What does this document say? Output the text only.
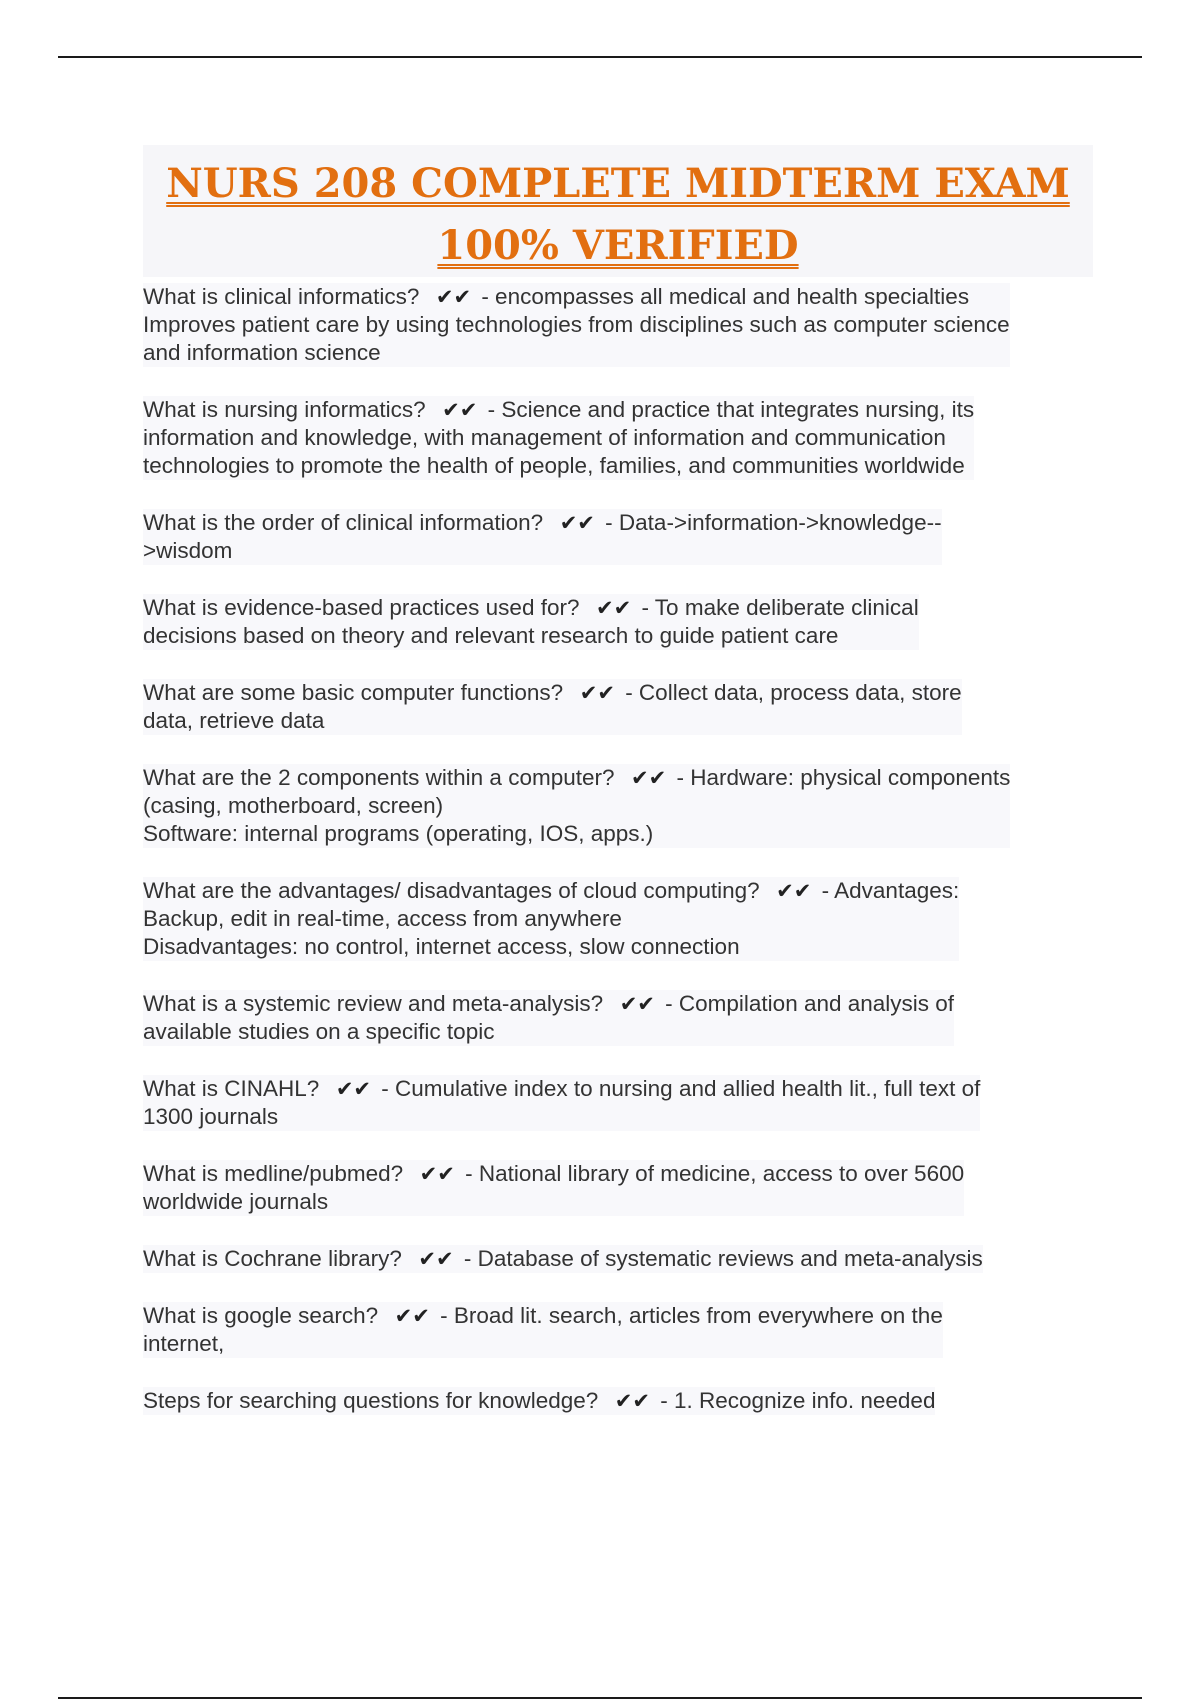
NURS 208 COMPLETE MIDTERM EXAM
100% VERIFIED
What is clinical informatics? ✔✔ - encompasses all medical and health specialties
Improves patient care by using technologies from disciplines such as computer science
and information science
What is nursing informatics? ✔✔ - Science and practice that integrates nursing, its
information and knowledge, with management of information and communication
technologies to promote the health of people, families, and communities worldwide
What is the order of clinical information? ✔✔ - Data->information->knowledge--
>wisdom
What is evidence-based practices used for? ✔✔ - To make deliberate clinical
decisions based on theory and relevant research to guide patient care
What are some basic computer functions? ✔✔ - Collect data, process data, store
data, retrieve data
What are the 2 components within a computer? ✔✔ - Hardware: physical components
(casing, motherboard, screen)
Software: internal programs (operating, IOS, apps.)
What are the advantages/ disadvantages of cloud computing? ✔✔ - Advantages:
Backup, edit in real-time, access from anywhere
Disadvantages: no control, internet access, slow connection
What is a systemic review and meta-analysis? ✔✔ - Compilation and analysis of
available studies on a specific topic
What is CINAHL? ✔✔ - Cumulative index to nursing and allied health lit., full text of
1300 journals
What is medline/pubmed? ✔✔ - National library of medicine, access to over 5600
worldwide journals
What is Cochrane library? ✔✔ - Database of systematic reviews and meta-analysis
What is google search? ✔✔ - Broad lit. search, articles from everywhere on the
internet,
Steps for searching questions for knowledge? ✔✔ - 1. Recognize info. needed
